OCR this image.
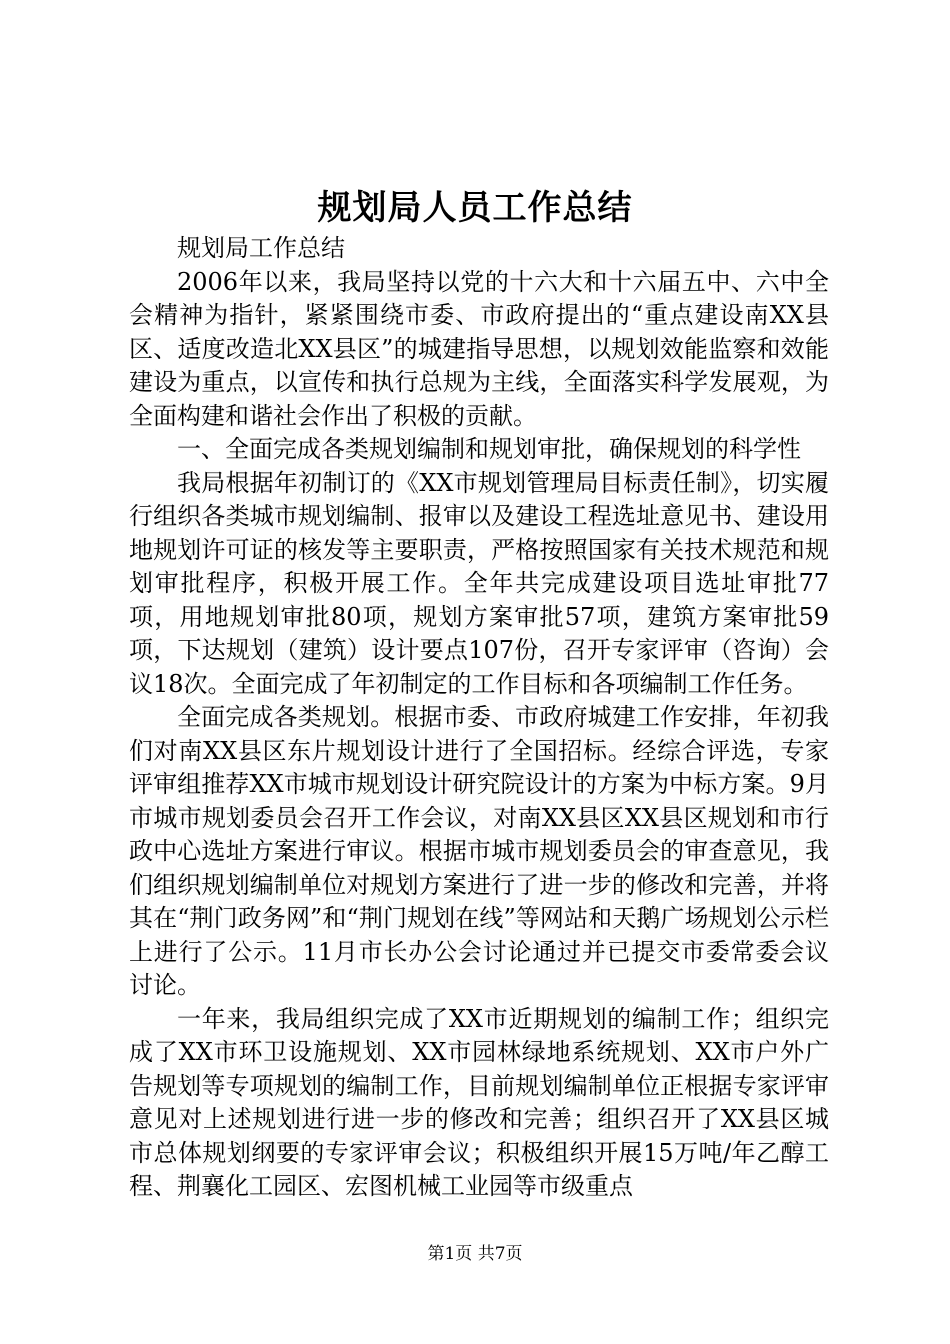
规划局人员工作总结

规划局工作总结

2006年以来，我局坚持以党的十六大和十六届五中、六中全会精神为指针，紧紧围绕市委、市政府提出的“重点建设南XX县区、适度改造北XX县区”的城建指导思想，以规划效能监察和效能建设为重点，以宣传和执行总规为主线，全面落实科学发展观，为全面构建和谐社会作出了积极的贡献。

一、全面完成各类规划编制和规划审批，确保规划的科学性

我局根据年初制订的《XX市规划管理局目标责任制》，切实履行组织各类城市规划编制、报审以及建设工程选址意见书、建设用地规划许可证的核发等主要职责，严格按照国家有关技术规范和规划审批程序，积极开展工作。全年共完成建设项目选址审批77项，用地规划审批80项，规划方案审批57项，建筑方案审批59项，下达规划（建筑）设计要点107份，召开专家评审（咨询）会议18次。全面完成了年初制定的工作目标和各项编制工作任务。

全面完成各类规划。根据市委、市政府城建工作安排，年初我们对南XX县区东片规划设计进行了全国招标。经综合评选，专家评审组推荐XX市城市规划设计研究院设计的方案为中标方案。9月市城市规划委员会召开工作会议，对南XX县区XX县区规划和市行政中心选址方案进行审议。根据市城市规划委员会的审查意见，我们组织规划编制单位对规划方案进行了进一步的修改和完善，并将其在“荆门政务网”和“荆门规划在线”等网站和天鹅广场规划公示栏上进行了公示。11月市长办公会讨论通过并已提交市委常委会议讨论。

一年来，我局组织完成了XX市近期规划的编制工作；组织完成了XX市环卫设施规划、XX市园林绿地系统规划、XX市户外广告规划等专项规划的编制工作，目前规划编制单位正根据专家评审意见对上述规划进行进一步的修改和完善；组织召开了XX县区城市总体规划纲要的专家评审会议；积极组织开展15万吨/年乙醇工程、荆襄化工园区、宏图机械工业园等市级重点

第1页 共7页
